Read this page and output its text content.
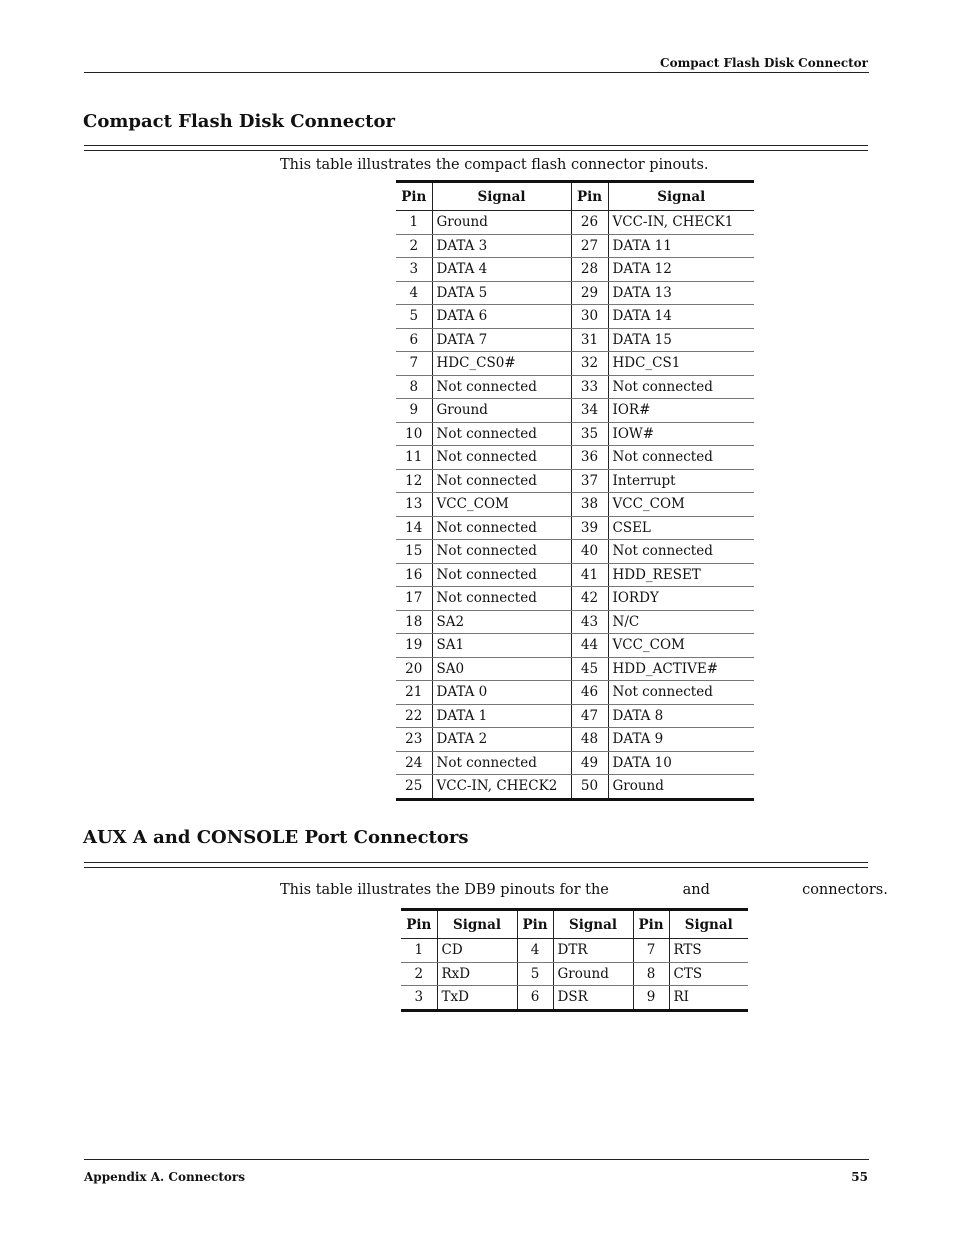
Compact Flash Disk Connector
Compact Flash Disk Connector

This table illustrates the compact flash connector pinouts.

Pin	Signal	Pin	Signal
1	Ground	26	VCC-IN, CHECK1
2	DATA 3	27	DATA 11
3	DATA 4	28	DATA 12
4	DATA 5	29	DATA 13
5	DATA 6	30	DATA 14
6	DATA 7	31	DATA 15
7	HDC_CS0#	32	HDC_CS1
8	Not connected	33	Not connected
9	Ground	34	IOR#
10	Not connected	35	IOW#
11	Not connected	36	Not connected
12	Not connected	37	Interrupt
13	VCC_COM	38	VCC_COM
14	Not connected	39	CSEL
15	Not connected	40	Not connected
16	Not connected	41	HDD_RESET
17	Not connected	42	IORDY
18	SA2	43	N/C
19	SA1	44	VCC_COM
20	SA0	45	HDD_ACTIVE#
21	DATA 0	46	Not connected
22	DATA 1	47	DATA 8
23	DATA 2	48	DATA 9
24	Not connected	49	DATA 10
25	VCC-IN, CHECK2	50	Ground
AUX A and CONSOLE Port Connectors

This table illustrates the DB9 pinouts for the                and                    connectors.

Pin	Signal	Pin	Signal	Pin	Signal
1	CD	4	DTR	7	RTS
2	RxD	5	Ground	8	CTS
3	TxD	6	DSR	9	RI
Appendix A. Connectors	55
